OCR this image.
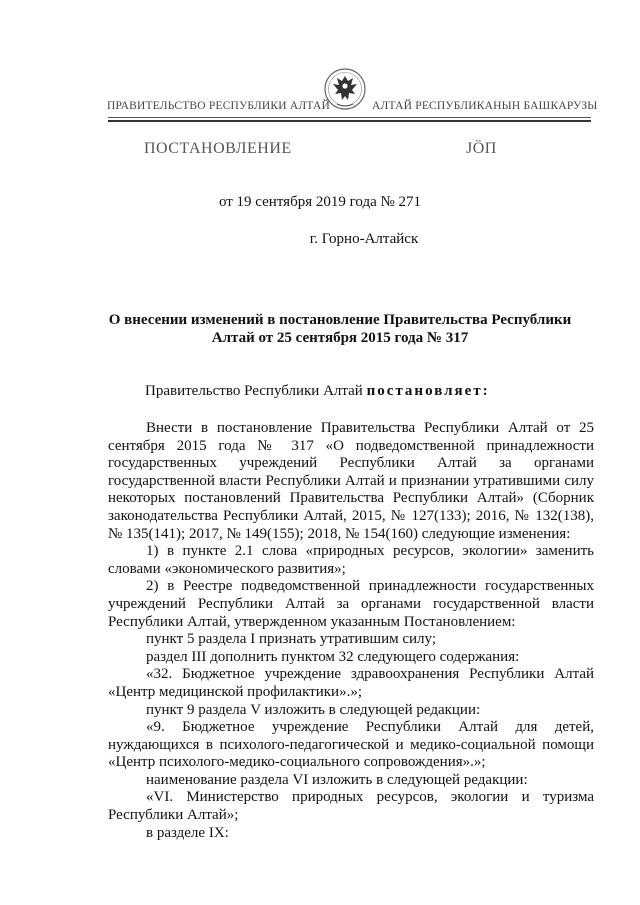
ПРАВИТЕЛЬСТВО РЕСПУБЛИКИ АЛТАЙ	АЛТАЙ РЕСПУБЛИКАНЫН БАШКАРУЗЫ
ПОСТАНОВЛЕНИЕ	ЈӦП
от 19 сентября 2019 года № 271
г. Горно-Алтайск
О внесении изменений в постановление Правительства Республики Алтай от 25 сентября 2015 года № 317
Правительство Республики Алтай постановляет:

Внести в постановление Правительства Республики Алтай от 25 сентября 2015 года № 317 «О подведомственной принадлежности государственных учреждений Республики Алтай за органами государственной власти Республики Алтай и признании утратившими силу некоторых постановлений Правительства Республики Алтай» (Сборник законодательства Республики Алтай, 2015, № 127(133); 2016, № 132(138), № 135(141); 2017, № 149(155); 2018, № 154(160) следующие изменения:

1) в пункте 2.1 слова «природных ресурсов, экологии» заменить словами «экономического развития»;

2) в Реестре подведомственной принадлежности государственных учреждений Республики Алтай за органами государственной власти Республики Алтай, утвержденном указанным Постановлением:

пункт 5 раздела I признать утратившим силу;

раздел III дополнить пунктом 32 следующего содержания:

«32. Бюджетное учреждение здравоохранения Республики Алтай «Центр медицинской профилактики».»;

пункт 9 раздела V изложить в следующей редакции:

«9. Бюджетное учреждение Республики Алтай для детей, нуждающихся в психолого-педагогической и медико-социальной помощи «Центр психолого-медико-социального сопровождения».»;

наименование раздела VI изложить в следующей редакции:

«VI. Министерство природных ресурсов, экологии и туризма Республики Алтай»;

в разделе IX:
